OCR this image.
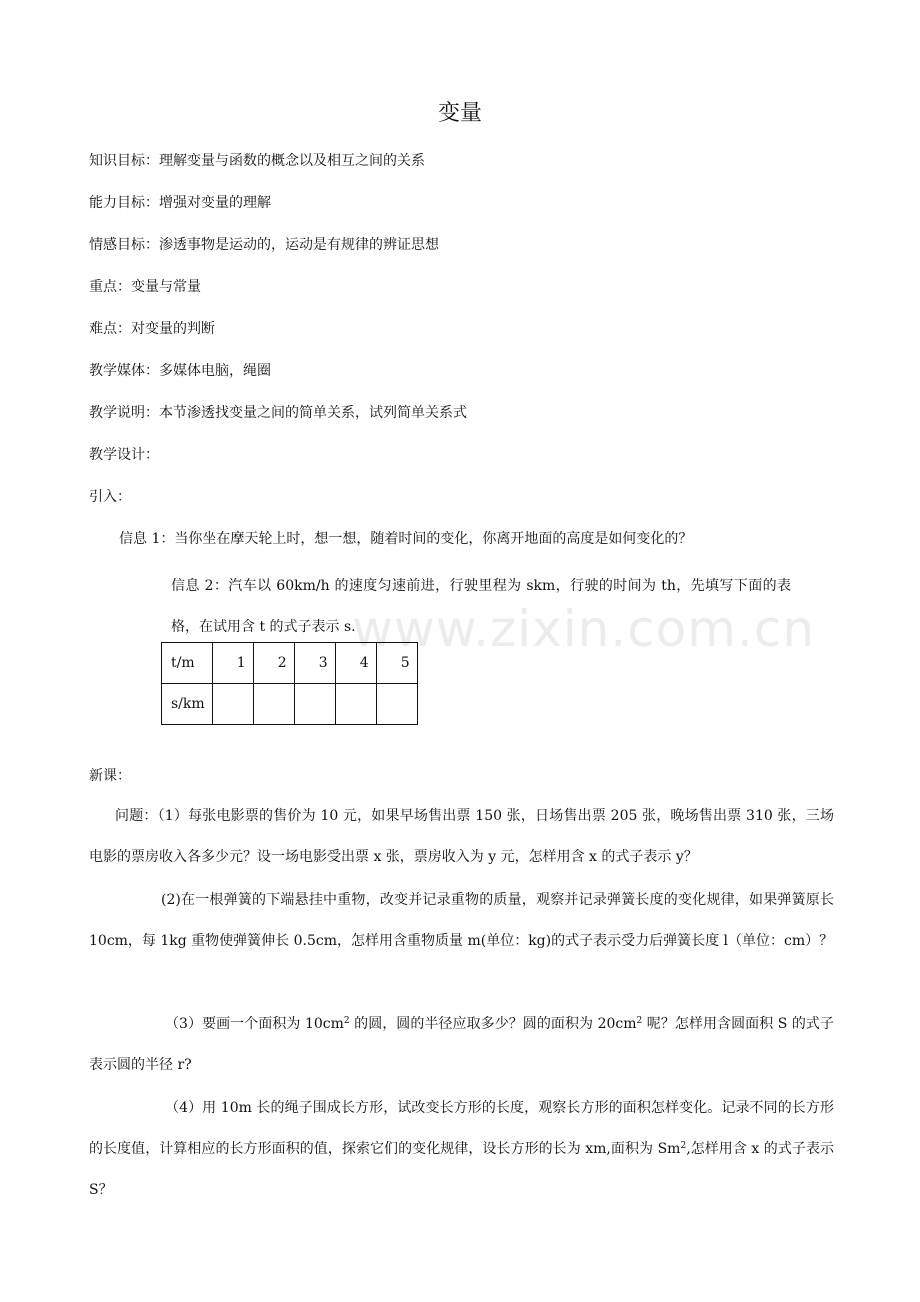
www.zixin.com.cn
变量
知识目标：理解变量与函数的概念以及相互之间的关系
能力目标：增强对变量的理解
情感目标：渗透事物是运动的，运动是有规律的辨证思想
重点：变量与常量
难点：对变量的判断
教学媒体：多媒体电脑，绳圈
教学说明：本节渗透找变量之间的简单关系，试列简单关系式
教学设计：
引入：
信息 1：当你坐在摩天轮上时，想一想，随着时间的变化，你离开地面的高度是如何变化的？

信息 2：汽车以 60km/h 的速度匀速前进，行驶里程为 skm，行驶的时间为 th，先填写下面的表格，在试用含 t 的式子表示 s.

t/m	1	2	3	4	5
s/km					
新课：

问题：（1）每张电影票的售价为 10 元，如果早场售出票 150 张，日场售出票 205 张，晚场售出票 310 张，三场电影的票房收入各多少元？设一场电影受出票 x 张，票房收入为 y 元，怎样用含 x 的式子表示 y？

(2)在一根弹簧的下端悬挂中重物，改变并记录重物的质量，观察并记录弹簧长度的变化规律，如果弹簧原长 10cm，每 1kg 重物使弹簧伸长 0.5cm，怎样用含重物质量 m(单位：kg)的式子表示受力后弹簧长度 l（单位：cm）？

（3）要画一个面积为 $10cm^2$ 的圆，圆的半径应取多少？圆的面积为 $20cm^2$ 呢？怎样用含圆面积 S 的式子表示圆的半径 r?

（4）用 10m 长的绳子围成长方形，试改变长方形的长度，观察长方形的面积怎样变化。记录不同的长方形的长度值，计算相应的长方形面积的值，探索它们的变化规律，设长方形的长为 xm,面积为 Sm$^2$,怎样用含 x 的式子表示 S？
